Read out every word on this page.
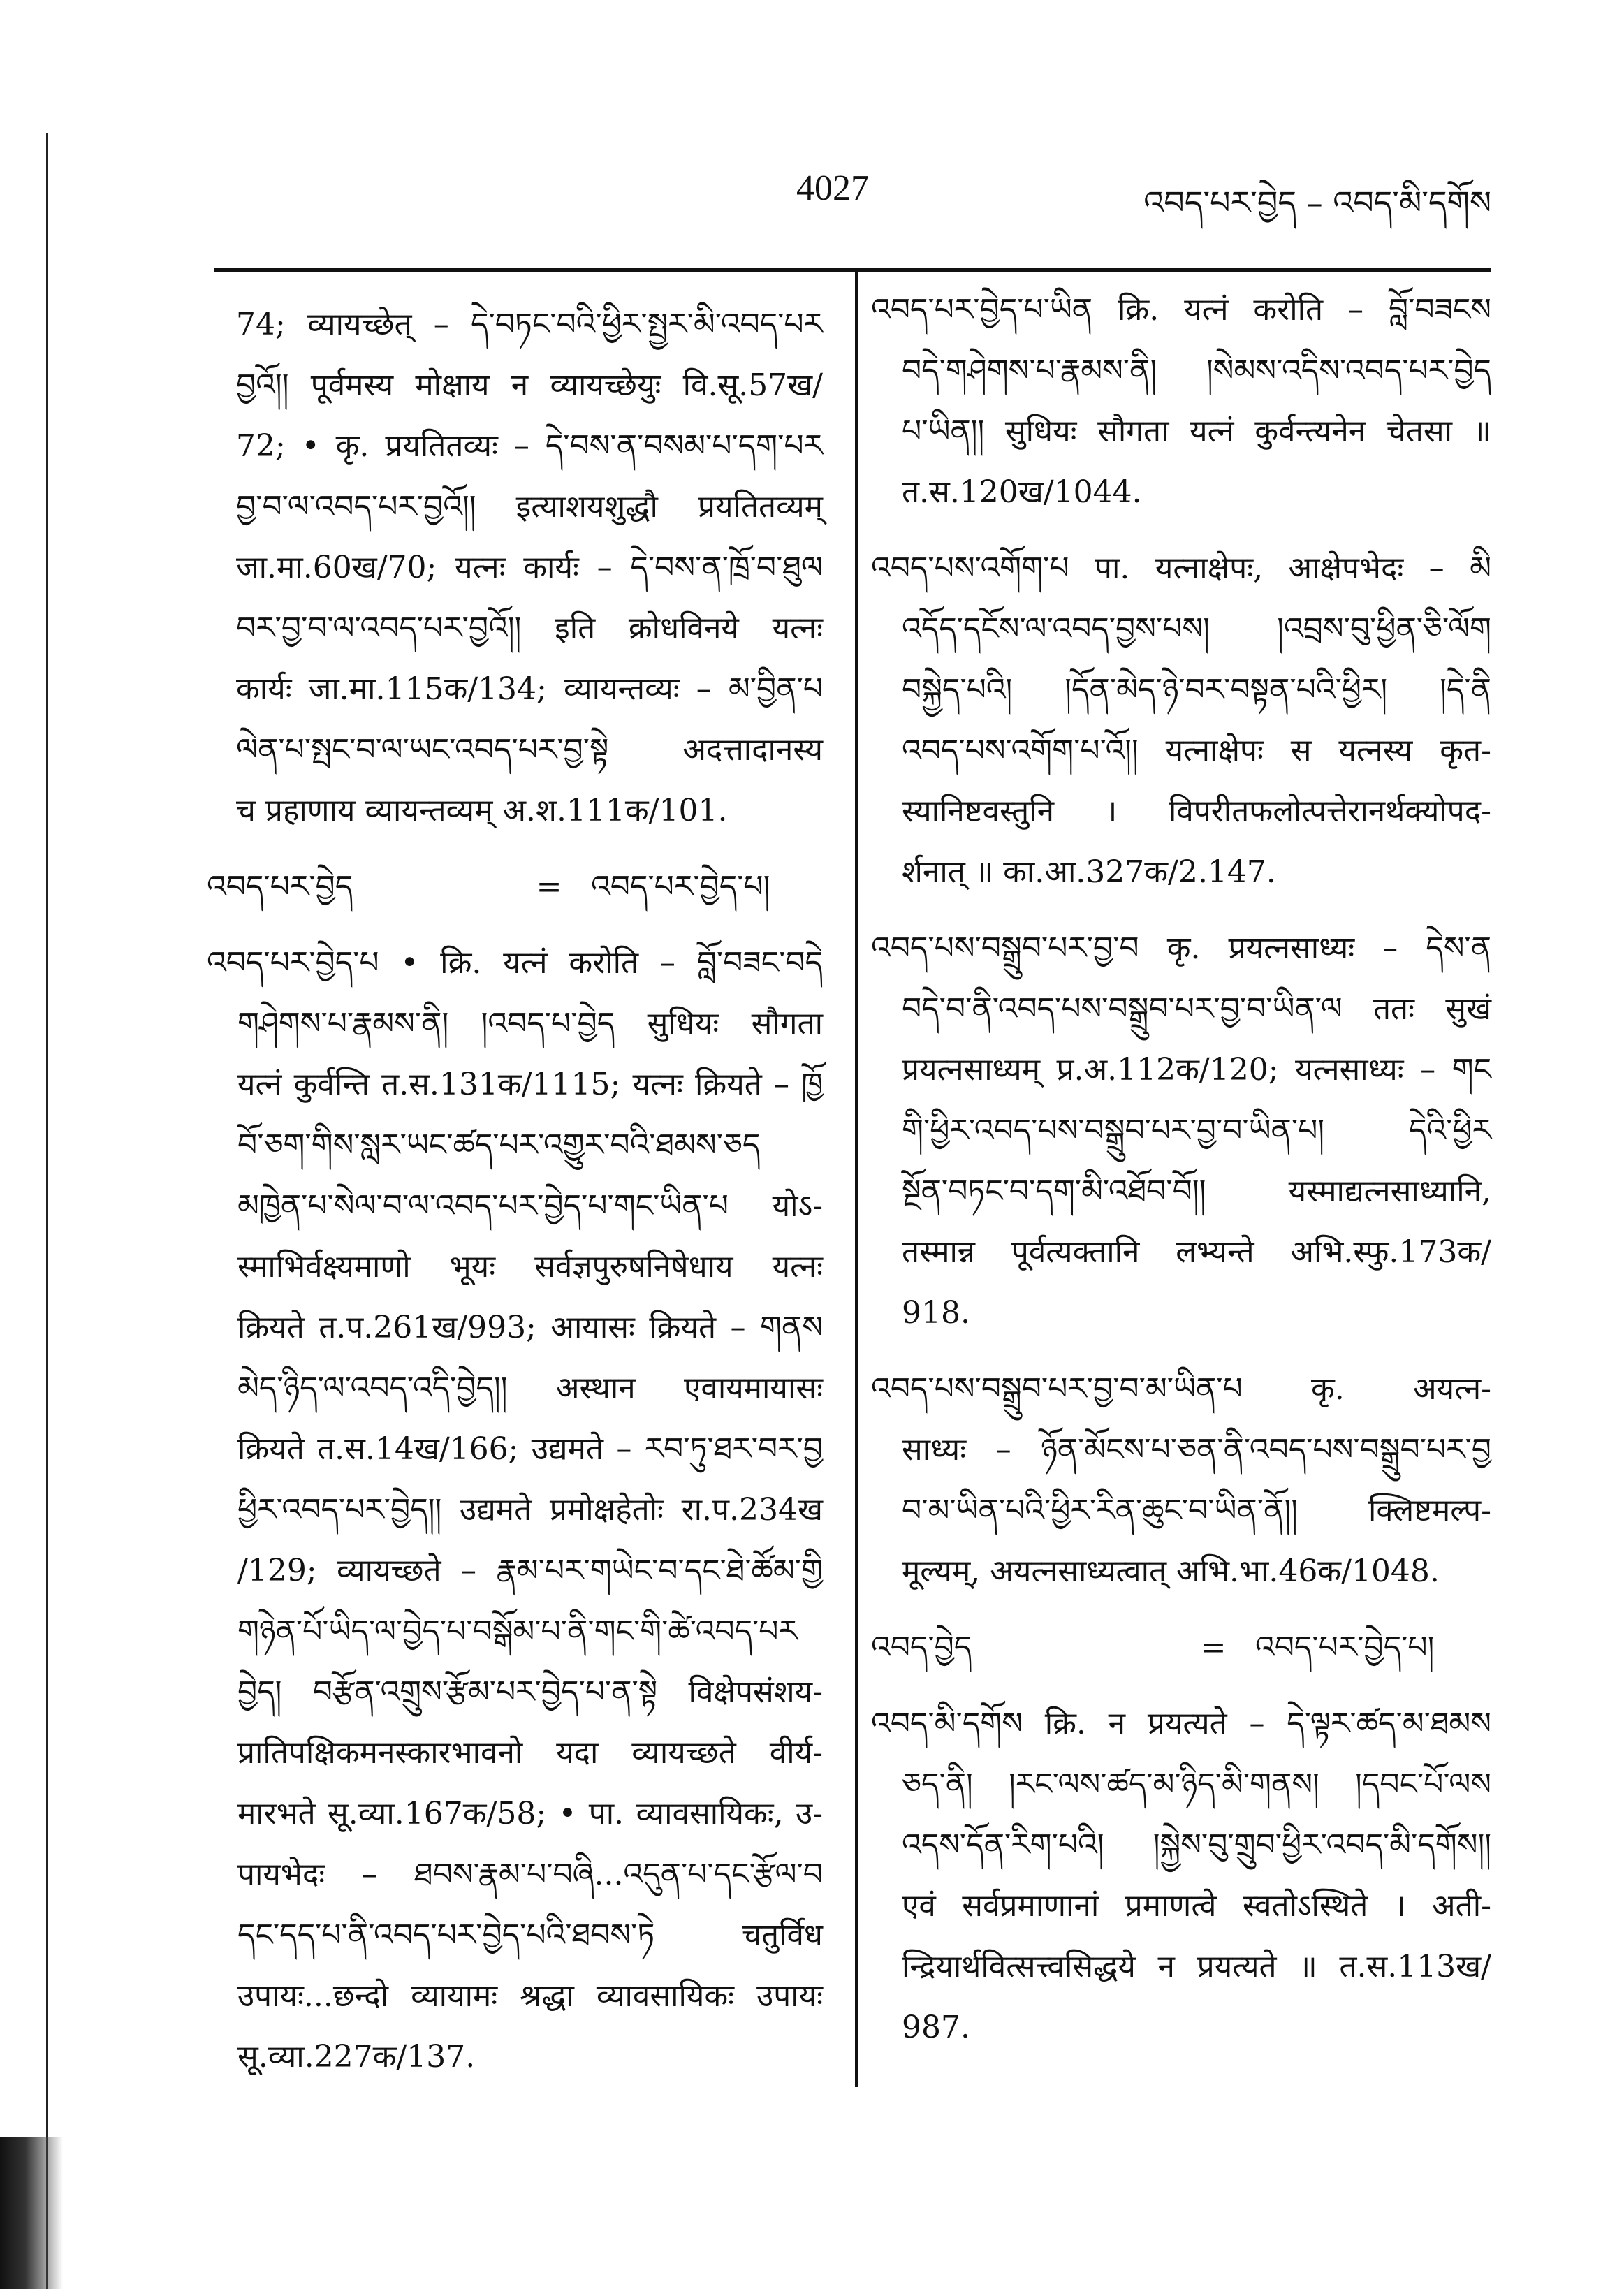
4027	འབད་པར་བྱེད – འབད་མི་དགོས
74; व्यायच्छेत् – དེ་བཏང་བའི་ཕྱིར་སྤྱར་མི་འབད་པར
བྱའོ།། पूर्वमस्य मोक्षाय न व्यायच्छेयुः वि.सू.57ख/
72; • कृ. प्रयतितव्यः – དེ་བས་ན་བསམ་པ་དག་པར
བྱ་བ་ལ་འབད་པར་བྱའོ།། इत्याशयशुद्धौ प्रयतितव्यम्
जा.मा.60ख/70; यत्नः कार्यः – དེ་བས་ན་ཁྲོ་བ་ཐུལ
བར་བྱ་བ་ལ་འབད་པར་བྱའོ།། इति क्रोधविनये यत्नः
कार्यः जा.मा.115क/134; व्यायन्तव्यः – མ་བྱིན་པ
ལེན་པ་སྤང་བ་ལ་ཡང་འབད་པར་བྱ་སྟེ अदत्तादानस्य
च प्रहाणाय व्यायन्तव्यम् अ.श.111क/101.
འབད་པར་བྱེད	= འབད་པར་བྱེད་པ།
འབད་པར་བྱེད་པ • क्रि. यत्नं करोति – བློ་བཟང་བདེ
གཤེགས་པ་རྣམས་ནི། །འབད་པ་བྱེད सुधियः सौगता
यत्नं कुर्वन्ति त.स.131क/1115; यत्नः क्रियते – ཁྱོ
བོ་ཅག་གིས་སླར་ཡང་ཚད་པར་འགྱུར་བའི་ཐམས་ཅད
མཁྱེན་པ་སེལ་བ་ལ་འབད་པར་བྱེད་པ་གང་ཡིན་པ योऽ-
स्माभिर्वक्ष्यमाणो भूयः सर्वज्ञपुरुषनिषेधाय यत्नः
क्रियते त.प.261ख/993; आयासः क्रियते – གནས
མེད་ཉིད་ལ་འབད་འདི་བྱེད།། अस्थान एवायमायासः
क्रियते त.स.14ख/166; उद्यमते – རབ་ཏུ་ཐར་བར་བྱ
ཕྱིར་འབད་པར་བྱེད།། उद्यमते प्रमोक्षहेतोः रा.प.234ख
/129; व्यायच्छते – རྣམ་པར་གཡེང་བ་དང་ཐེ་ཚོམ་གྱི
གཉེན་པོ་ཡིད་ལ་བྱེད་པ་བསྒོམ་པ་ནི་གང་གི་ཚེ་འབད་པར
བྱེད། བརྩོན་འགྲུས་རྩོམ་པར་བྱེད་པ་ན་སྟེ विक्षेपसंशय-
प्रातिपक्षिकमनस्कारभावनो यदा व्यायच्छते वीर्य-
मारभते सू.व्या.167क/58; • पा. व्यावसायिकः, उ-
पायभेदः – ཐབས་རྣམ་པ་བཞི...འདུན་པ་དང་རྩོལ་བ
དང་དད་པ་ནི་འབད་པར་བྱེད་པའི་ཐབས་ཏེ चतुर्विध
उपायः...छन्दो व्यायामः श्रद्धा व्यावसायिकः उपायः
सू.व्या.227क/137.
འབད་པར་བྱེད་པ་ཡིན क्रि. यत्नं करोति – བློ་བཟངས
བདེ་གཤེགས་པ་རྣམས་ནི། །སེམས་འདིས་འབད་པར་བྱེད
པ་ཡིན།། सुधियः सौगता यत्नं कुर्वन्त्यनेन चेतसा ॥
त.स.120ख/1044.
འབད་པས་འགོག་པ पा. यत्नाक्षेपः, आक्षेपभेदः – མི
འདོད་དངོས་ལ་འབད་བྱས་པས། །འབྲས་བུ་ཕྱིན་ཅི་ལོག
བསྐྱེད་པའི། །དོན་མེད་ཉེ་བར་བསྟན་པའི་ཕྱིར། །དེ་ནི
འབད་པས་འགོག་པ་འོ།། यत्नाक्षेपः स यत्नस्य कृत-
स्यानिष्टवस्तुनि । विपरीतफलोत्पत्तेरानर्थक्योपद-
र्शनात् ॥ का.आ.327क/2.147.
འབད་པས་བསྒྲུབ་པར་བྱ་བ कृ. प्रयत्नसाध्यः – དེས་ན
བདེ་བ་ནི་འབད་པས་བསྒྲུབ་པར་བྱ་བ་ཡིན་ལ ततः सुखं
प्रयत्नसाध्यम् प्र.अ.112क/120; यत्नसाध्यः – གང
གི་ཕྱིར་འབད་པས་བསྒྲུབ་པར་བྱ་བ་ཡིན་པ། དེའི་ཕྱིར
སྔོན་བཏང་བ་དག་མི་འཐོབ་བོ།། यस्माद्यत्नसाध्यानि,
तस्मान्न पूर्वत्यक्तानि लभ्यन्ते अभि.स्फु.173क/
918.
འབད་པས་བསྒྲུབ་པར་བྱ་བ་མ་ཡིན་པ कृ. अयत्न-
साध्यः – ཉོན་མོངས་པ་ཅན་ནི་འབད་པས་བསྒྲུབ་པར་བྱ
བ་མ་ཡིན་པའི་ཕྱིར་རིན་ཆུང་བ་ཡིན་ནོ།། क्लिष्टमल्प-
मूल्यम्, अयत्नसाध्यत्वात् अभि.भा.46क/1048.
འབད་བྱེད	= འབད་པར་བྱེད་པ།
འབད་མི་དགོས क्रि. न प्रयत्यते – དེ་ལྟར་ཚད་མ་ཐམས
ཅད་ནི། །རང་ལས་ཚད་མ་ཉིད་མི་གནས། །དབང་པོ་ལས
འདས་དོན་རིག་པའི། །སྐྱེས་བུ་གྲུབ་ཕྱིར་འབད་མི་དགོས།།
एवं सर्वप्रमाणानां प्रमाणत्वे स्वतोऽस्थिते । अती-
न्द्रियार्थवित्सत्त्वसिद्धये न प्रयत्यते ॥ त.स.113ख/
987.
